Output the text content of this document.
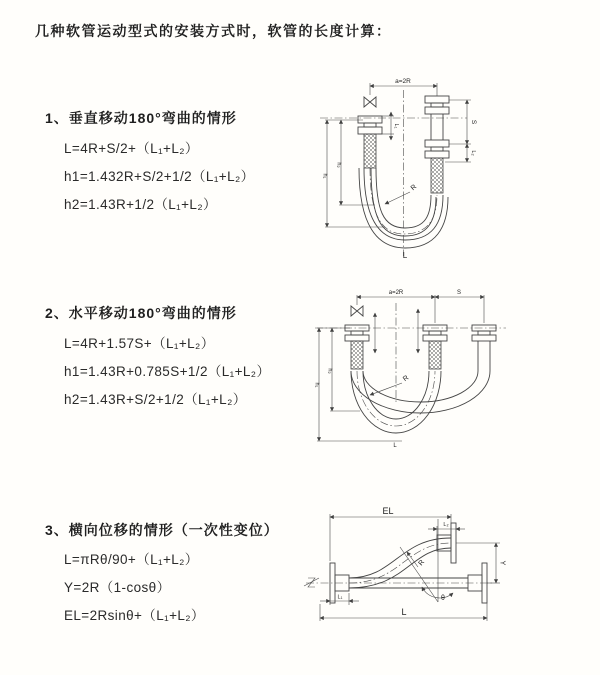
几种软管运动型式的安装方式时，软管的长度计算：
1、垂直移动180°弯曲的情形
L=4R+S/2+（L₁+L₂）
h1=1.432R+S/2+1/2（L₁+L₂）
h2=1.43R+1/2（L₁+L₂）
2、水平移动180°弯曲的情形
L=4R+1.57S+（L₁+L₂）
h1=1.43R+0.785S+1/2（L₁+L₂）
h2=1.43R+S/2+1/2（L₁+L₂）
3、横向位移的情形（一次性变位）
L=πRθ/90+（L₁+L₂）
Y=2R（1-cosθ）
EL=2Rsinθ+（L₁+L₂）
a=2R
L₁
S
L₂
h₂
h₁
R
L
a=2R	S
h₂
h₁
R
L
EL
L₂
Y
θ
R
L₁
L
